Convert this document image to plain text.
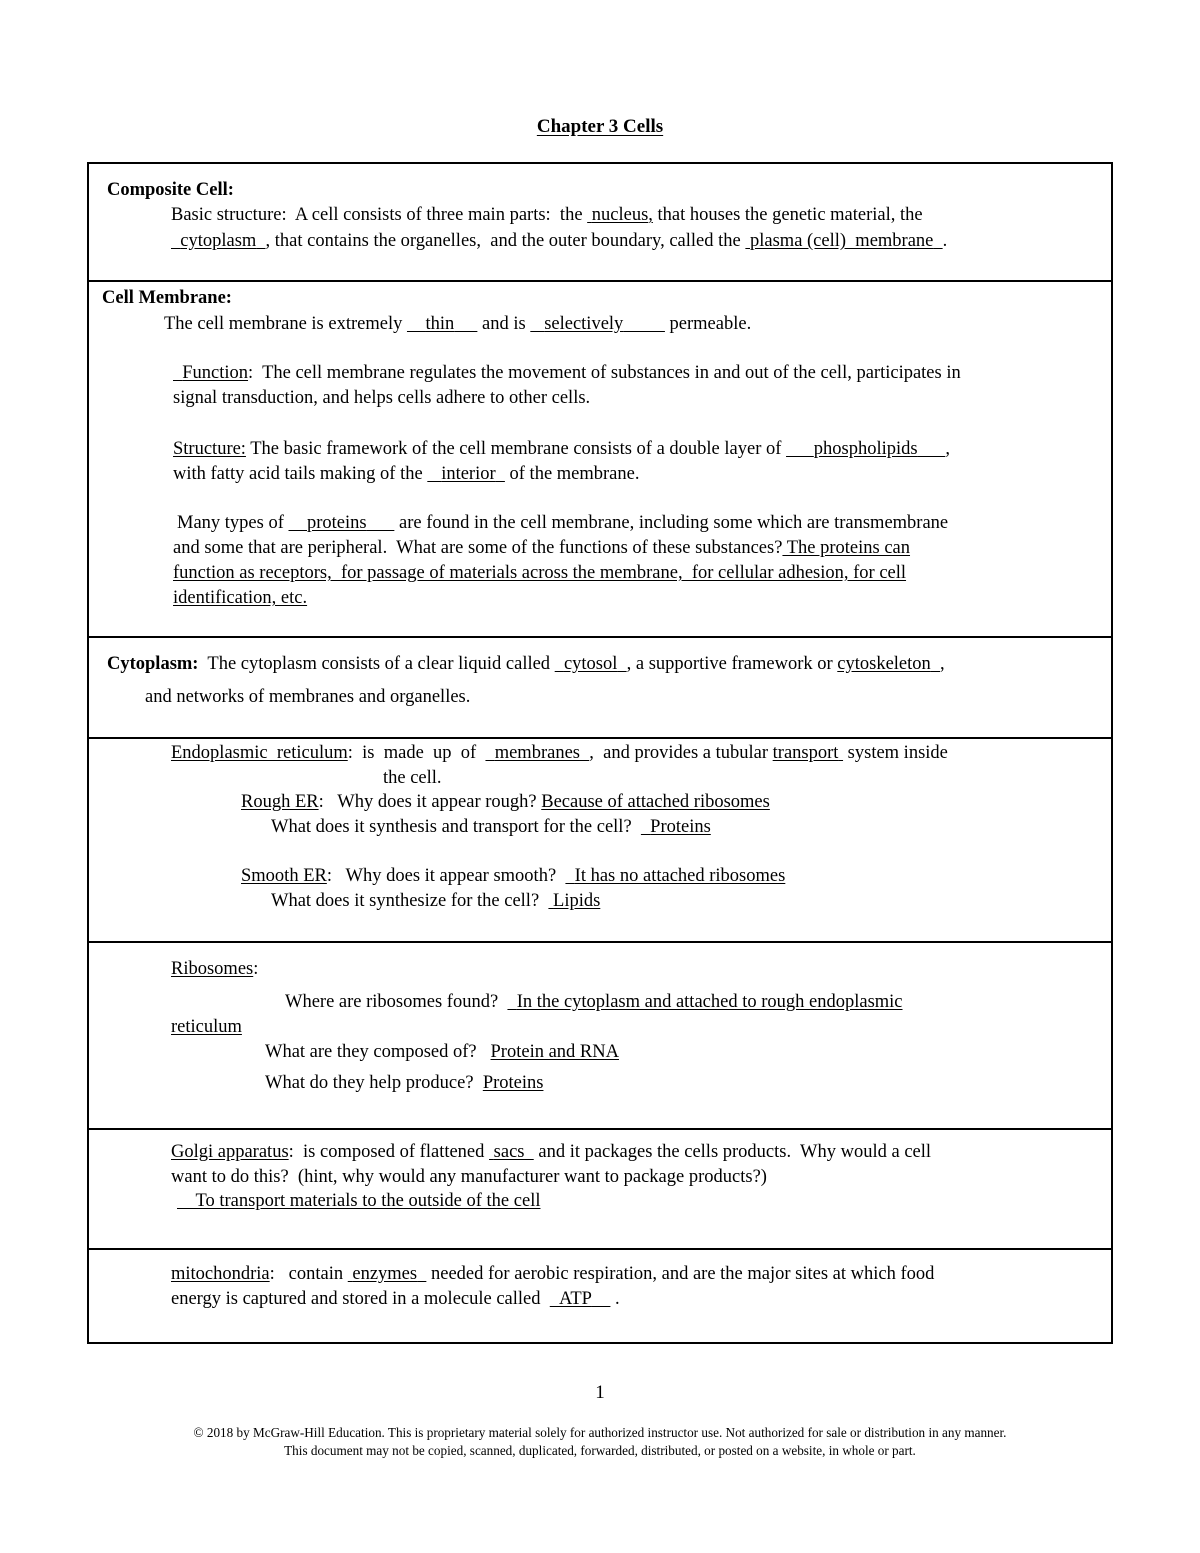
Chapter 3 Cells
Composite Cell:
Basic structure:  A cell consists of three main parts:  the  nucleus, that houses the genetic material, the
cytoplasm , that contains the organelles,  and the outer boundary, called the  plasma (cell)  membrane .
Cell Membrane:
The cell membrane is extremely     thin      and is    selectively          permeable.
Function:  The cell membrane regulates the movement of substances in and out of the cell, participates in
signal transduction, and helps cells adhere to other cells.
Structure: The basic framework of the cell membrane consists of a double layer of       phospholipids ,
with fatty acid tails making of the    interior   of the membrane.
Many types of     proteins       are found in the cell membrane, including some which are transmembrane
and some that are peripheral.  What are some of the functions of these substances? The proteins can
function as receptors,  for passage of materials across the membrane,  for cellular adhesion, for cell
identification, etc.
Cytoplasm:  The cytoplasm consists of a clear liquid called   cytosol , a supportive framework or cytoskeleton ,
and networks of membranes and organelles.
Endoplasmic  reticulum:  is  made  up  of    membranes ,  and provides a tubular transport  system inside
the cell.
Rough ER:   Why does it appear rough? Because of attached ribosomes
What does it synthesis and transport for the cell?    Proteins
Smooth ER:   Why does it appear smooth?    It has no attached ribosomes
What does it synthesize for the cell?   Lipids
Ribosomes:
Where are ribosomes found?    In the cytoplasm and attached to rough endoplasmic
reticulum
What are they composed of?   Protein and RNA
What do they help produce?  Proteins
Golgi apparatus:  is composed of flattened  sacs   and it packages the cells products.  Why would a cell
want to do this?  (hint, why would any manufacturer want to package products?)
To transport materials to the outside of the cell
mitochondria:   contain  enzymes   needed for aerobic respiration, and are the major sites at which food
energy is captured and stored in a molecule called    ATP     .
1
© 2018 by McGraw-Hill Education. This is proprietary material solely for authorized instructor use. Not authorized for sale or distribution in any manner.
This document may not be copied, scanned, duplicated, forwarded, distributed, or posted on a website, in whole or part.
